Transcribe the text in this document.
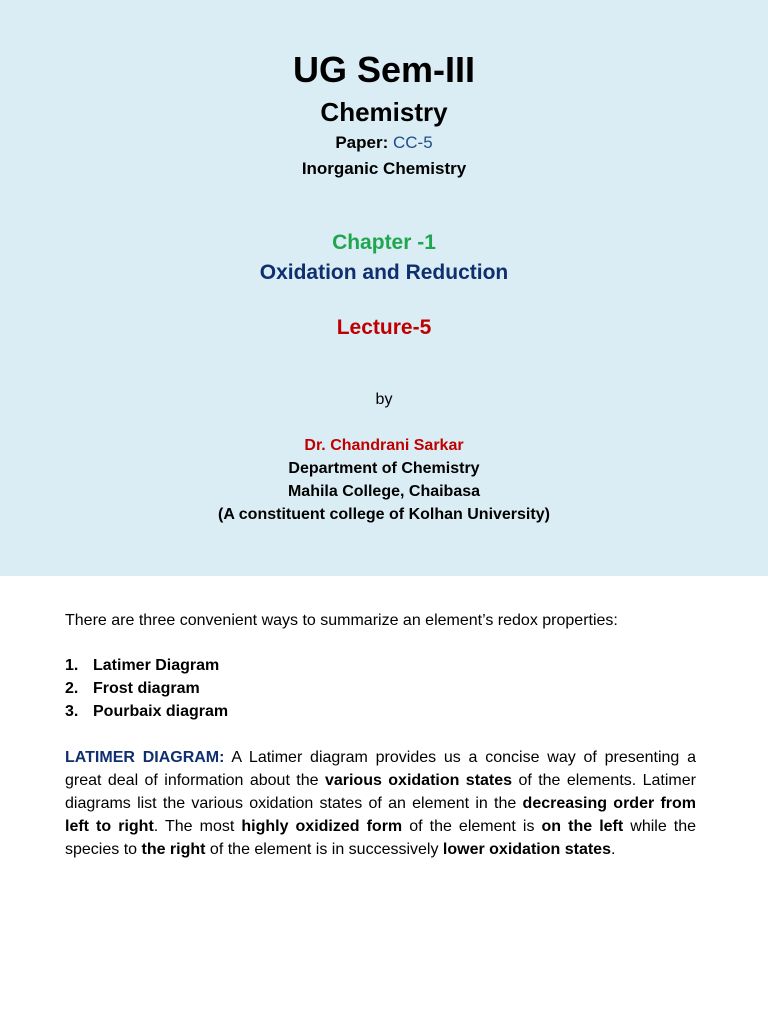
UG Sem-III
Chemistry
Paper: CC-5
Inorganic Chemistry
Chapter -1
Oxidation and Reduction
Lecture-5
by
Dr. Chandrani Sarkar
Department of Chemistry
Mahila College, Chaibasa
(A constituent college of Kolhan University)
There are three convenient ways to summarize an element’s redox properties:
1. Latimer Diagram
2. Frost diagram
3. Pourbaix diagram
LATIMER DIAGRAM: A Latimer diagram provides us a concise way of presenting a great deal of information about the various oxidation states of the elements. Latimer diagrams list the various oxidation states of an element in the decreasing order from left to right. The most highly oxidized form of the element is on the left while the species to the right of the element is in successively lower oxidation states.
